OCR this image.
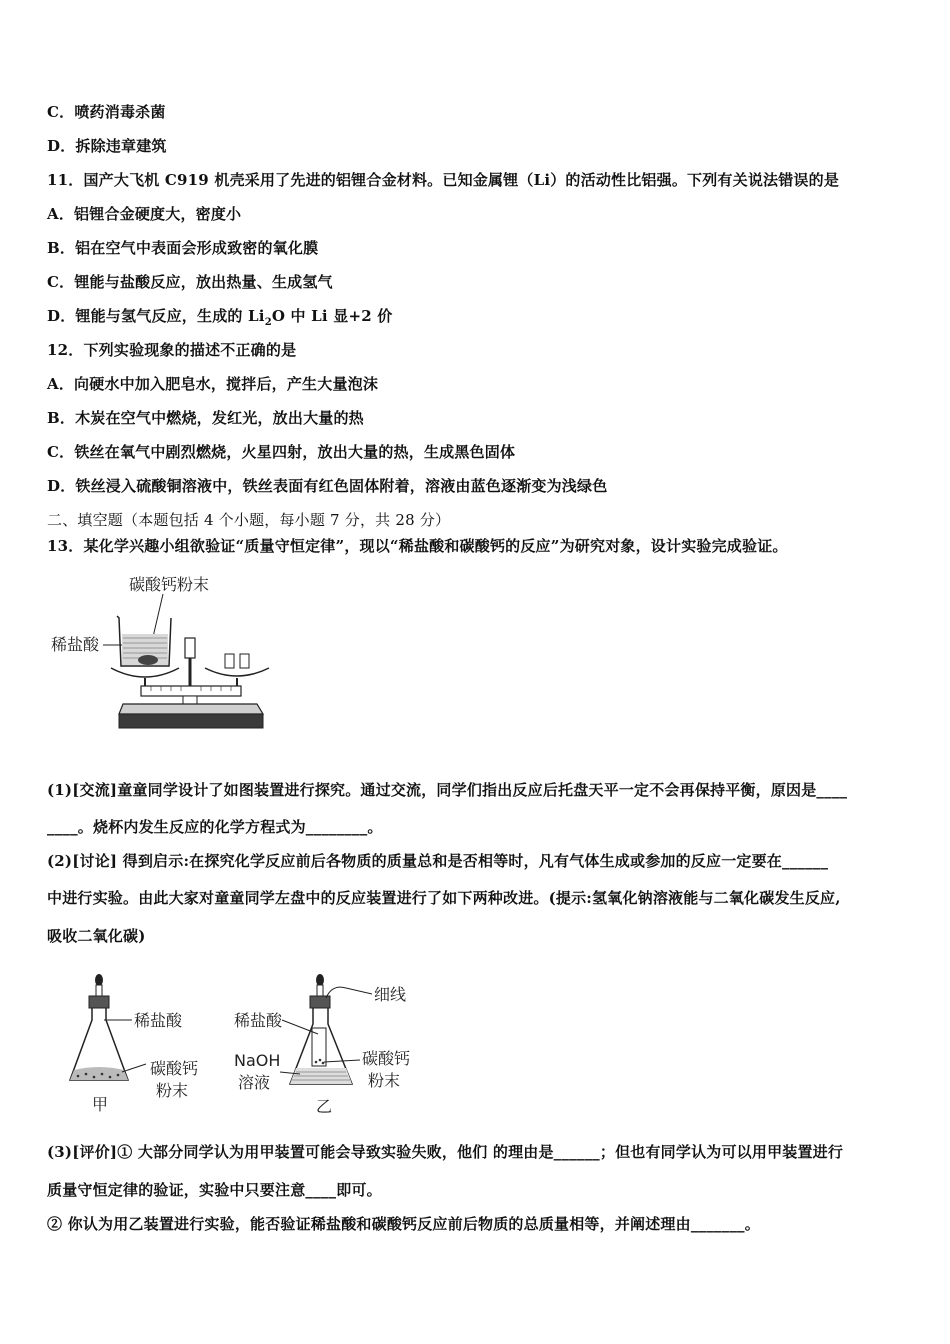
C．喷药消毒杀菌
D．拆除违章建筑
11．国产大飞机 C919 机壳采用了先进的铝锂合金材料。已知金属锂（Li）的活动性比铝强。下列有关说法错误的是
A．铝锂合金硬度大，密度小
B．铝在空气中表面会形成致密的氧化膜
C．锂能与盐酸反应，放出热量、生成氢气
D．锂能与氢气反应，生成的 $Li_2O$ 中 Li 显+2 价
12．下列实验现象的描述不正确的是
A．向硬水中加入肥皂水，搅拌后，产生大量泡沫
B．木炭在空气中燃烧，发红光，放出大量的热
C．铁丝在氧气中剧烈燃烧，火星四射，放出大量的热，生成黑色固体
D．铁丝浸入硫酸铜溶液中，铁丝表面有红色固体附着，溶液由蓝色逐渐变为浅绿色
二、填空题（本题包括 4 个小题，每小题 7 分，共 28 分）
13．某化学兴趣小组欲验证“质量守恒定律”，现以“稀盐酸和碳酸钙的反应”为研究对象，设计实验完成验证。
碳酸钙粉末
稀盐酸
(1)[交流]童童同学设计了如图装置进行探究。通过交流，同学们指出反应后托盘天平一定不会再保持平衡，原因是____
____。烧杯内发生反应的化学方程式为________。
(2)[讨论] 得到启示:在探究化学反应前后各物质的质量总和是否相等时，凡有气体生成或参加的反应一定要在______
中进行实验。由此大家对童童同学左盘中的反应装置进行了如下两种改进。(提示:氢氧化钠溶液能与二氧化碳发生反应,
吸收二氧化碳)
稀盐酸
碳酸钙
粉末
甲
细线
稀盐酸
NaOH
溶液
碳酸钙
粉末
乙
(3)[评价]① 大部分同学认为用甲装置可能会导致实验失败，他们 的理由是______；但也有同学认为可以用甲装置进行
质量守恒定律的验证，实验中只要注意____即可。
② 你认为用乙装置进行实验，能否验证稀盐酸和碳酸钙反应前后物质的总质量相等，并阐述理由_______。
